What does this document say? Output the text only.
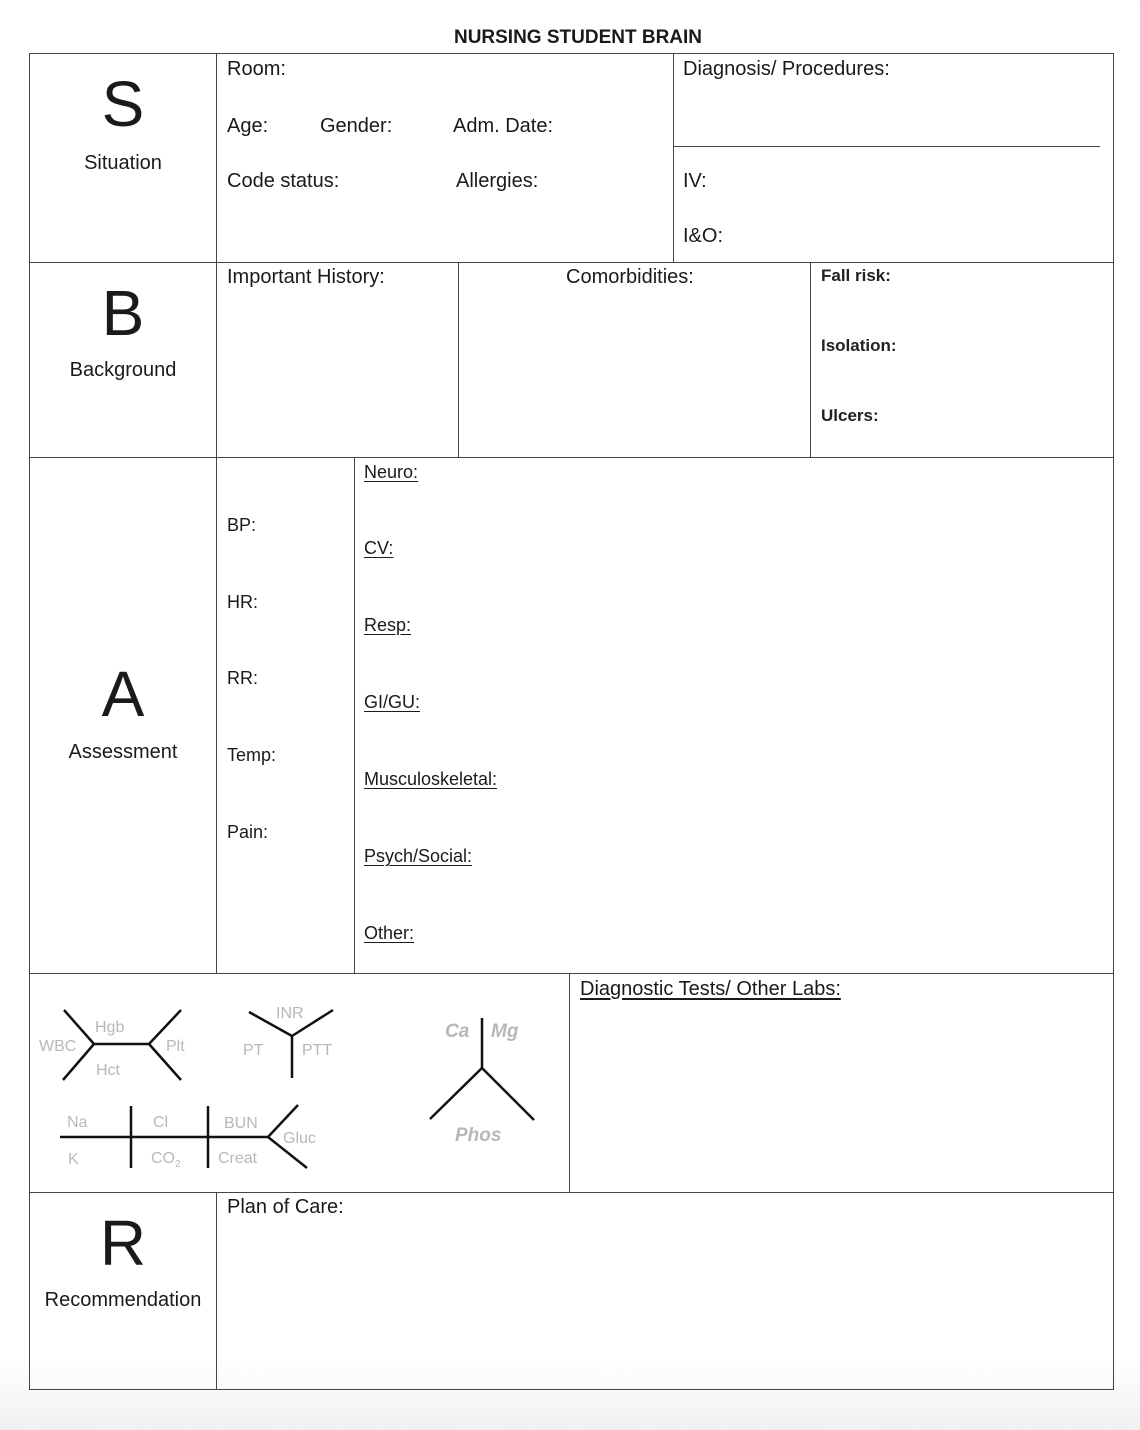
NURSING STUDENT BRAIN
S
Situation
Room:
Age:	Gender:	Adm. Date:
Code status:	Allergies:
Diagnosis/ Procedures:
IV:
I&O:
B
Background
Important History:	Comorbidities:	Fall risk:
Isolation:
Ulcers:
A
Assessment
BP:
HR:
RR:
Temp:
Pain:
Neuro:
CV:
Resp:
GI/GU:
Musculoskeletal:
Psych/Social:
Other:
WBC
Hgb
Hct
Plt
INR
PT PTT
Na
K
Cl
$CO_2$
BUN
Creat
Gluc
Ca Mg
Phos
Diagnostic Tests/ Other Labs:
R
Recommendation
Plan of Care:
